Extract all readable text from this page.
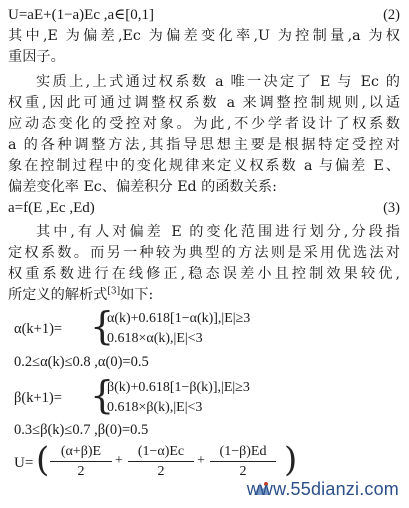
U=aE+(1−a)Ec ,a∈[0,1]	(2)
其中,E 为偏差,Ec 为偏差变化率,U 为控制量,a 为权
重因子。
实质上,上式通过权系数 a 唯一决定了 E 与 Ec 的
权重,因此可通过调整权系数 a 来调整控制规则,以适
应动态变化的受控对象。为此,不少学者设计了权系数
a 的各种调整方法,其指导思想主要是根据特定受控对
象在控制过程中的变化规律来定义权系数 a 与偏差 E、
偏差变化率 Ec、偏差积分 Ed 的函数关系:
a=f(E ,Ec ,Ed)	(3)
其中,有人对偏差 E 的变化范围进行划分,分段指
定权系数。而另一种较为典型的方法则是采用优选法对
权重系数进行在线修正,稳态误差小且控制效果较优,
所定义的解析式[3]如下:
α(k+1)= {
α(k)+0.618[1−α(k)],|E|≥3
0.618×α(k),|E|<3
0.2≤α(k)≤0.8 ,α(0)=0.5
β(k+1)= {
β(k)+0.618[1−β(k)],|E|≥3
0.618×β(k),|E|<3
0.3≤β(k)≤0.7 ,β(0)=0.5
U= ( (α+β)E
2
+
(1−α)Ec
2
+
(1−β)Ed
2	)
www.55dianzi.com
